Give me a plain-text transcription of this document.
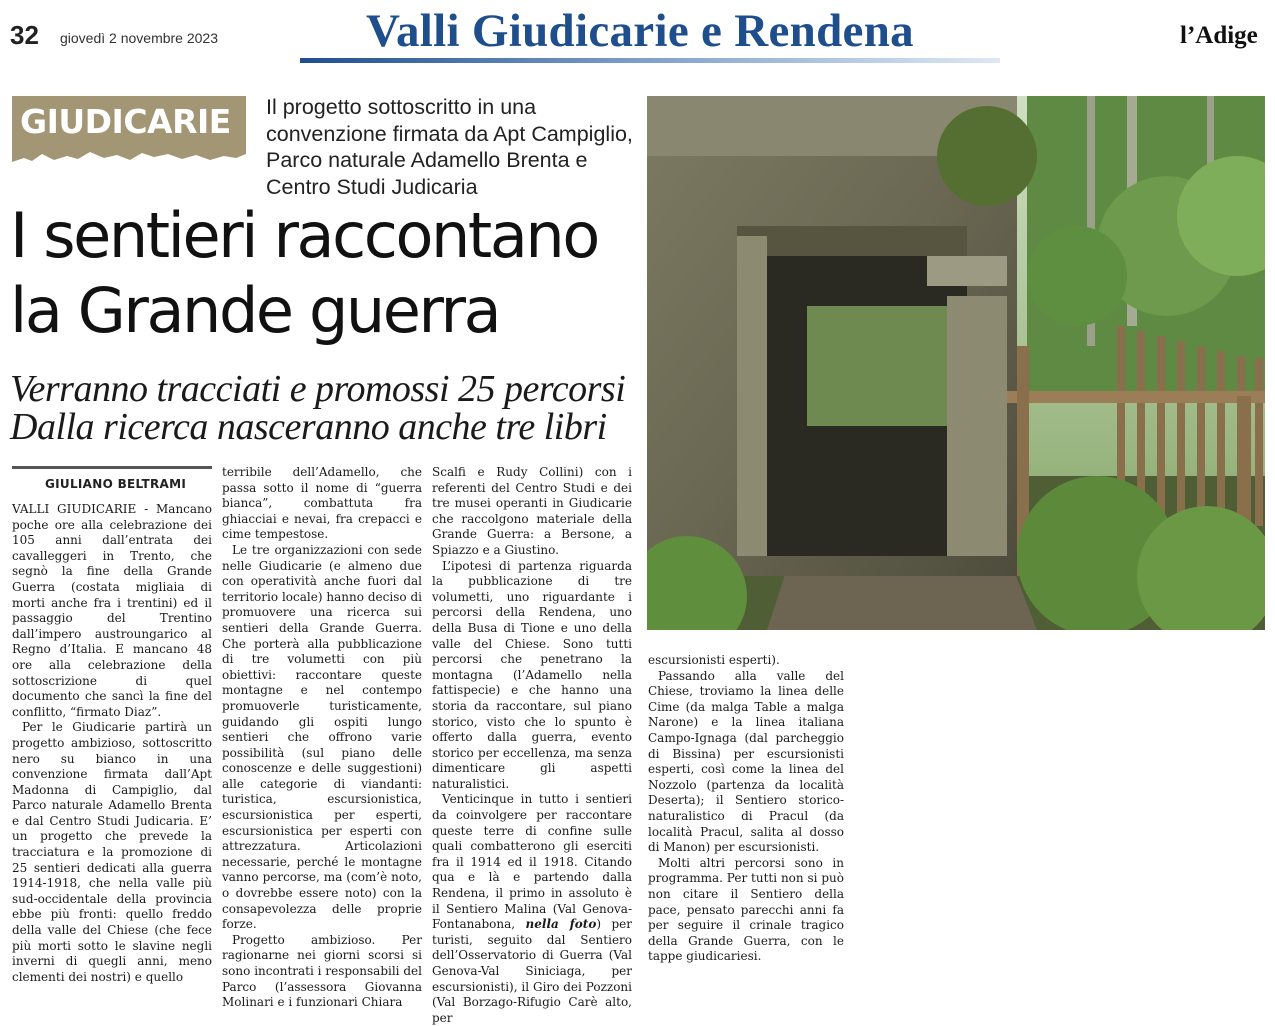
32 giovedì 2 novembre 2023	Valli Giudicarie e Rendena	l’Adige
GIUDICARIE Il progetto sottoscritto in una convenzione firmata da Apt Campiglio, Parco naturale Adamello Brenta e Centro Studi Judicaria
I sentieri raccontano
la Grande guerra
Verranno tracciati e promossi 25 percorsi
Dalla ricerca nasceranno anche tre libri
GIULIANO BELTRAMI

VALLI GIUDICARIE - Mancano poche ore alla celebrazione dei 105 anni dall’entrata dei cavalleggeri in Trento, che segnò la fine della Grande Guerra (costata migliaia di morti anche fra i trentini) ed il passaggio del Trentino dall’impero austroungarico al Regno d’Italia. E mancano 48 ore alla celebrazione della sottoscrizione di quel documento che sancì la fine del conflitto, “firmato Diaz”.

Per le Giudicarie partirà un progetto ambizioso, sottoscritto nero su bianco in una convenzione firmata dall’Apt Madonna di Campiglio, dal Parco naturale Adamello Brenta e dal Centro Studi Judicaria. E’ un progetto che prevede la tracciatura e la promozione di 25 sentieri dedicati alla guerra 1914-1918, che nella valle più sud-occidentale della provincia ebbe più fronti: quello freddo della valle del Chiese (che fece più morti sotto le slavine negli inverni di quegli anni, meno clementi dei nostri) e quello

terribile dell’Adamello, che passa sotto il nome di “guerra bianca”, combattuta fra ghiacciai e nevai, fra crepacci e cime tempestose.

Le tre organizzazioni con sede nelle Giudicarie (e almeno due con operatività anche fuori dal territorio locale) hanno deciso di promuovere una ricerca sui sentieri della Grande Guerra. Che porterà alla pubblicazione di tre volumetti con più obiettivi: raccontare queste montagne e nel contempo promuoverle turisticamente, guidando gli ospiti lungo sentieri che offrono varie possibilità (sul piano delle conoscenze e delle suggestioni) alle categorie di viandanti: turistica, escursionistica, escursionistica per esperti, escursionistica per esperti con attrezzatura. Articolazioni necessarie, perché le montagne vanno percorse, ma (com’è noto, o dovrebbe essere noto) con la consapevolezza delle proprie forze.

Progetto ambizioso. Per ragionarne nei giorni scorsi si sono incontrati i responsabili del Parco (l’assessora Giovanna Molinari e i funzionari Chiara

Scalfi e Rudy Collini) con i referenti del Centro Studi e dei tre musei operanti in Giudicarie che raccolgono materiale della Grande Guerra: a Bersone, a Spiazzo e a Giustino.

L’ipotesi di partenza riguarda la pubblicazione di tre volumetti, uno riguardante i percorsi della Rendena, uno della Busa di Tione e uno della valle del Chiese. Sono tutti percorsi che penetrano la montagna (l’Adamello nella fattispecie) e che hanno una storia da raccontare, sul piano storico, visto che lo spunto è offerto dalla guerra, evento storico per eccellenza, ma senza dimenticare gli aspetti naturalistici.

Venticinque in tutto i sentieri da coinvolgere per raccontare queste terre di confine sulle quali combatterono gli eserciti fra il 1914 ed il 1918. Citando qua e là e partendo dalla Rendena, il primo in assoluto è il Sentiero Malina (Val Genova-Fontanabona, nella foto) per turisti, seguito dal Sentiero dell’Osservatorio di Guerra (Val Genova-Val Siniciaga, per escursionisti), il Giro dei Pozzoni (Val Borzago-Rifugio Carè alto, per

escursionisti esperti).

Passando alla valle del Chiese, troviamo la linea delle Cime (da malga Table a malga Narone) e la linea italiana Campo-Ignaga (dal parcheggio di Bissina) per escursionisti esperti, così come la linea del Nozzolo (partenza da località Deserta); il Sentiero storico-naturalistico di Pracul (da località Pracul, salita al dosso di Manon) per escursionisti.

Molti altri percorsi sono in programma. Per tutti non si può non citare il Sentiero della pace, pensato parecchi anni fa per seguire il crinale tragico della Grande Guerra, con le tappe giudicariesi.
